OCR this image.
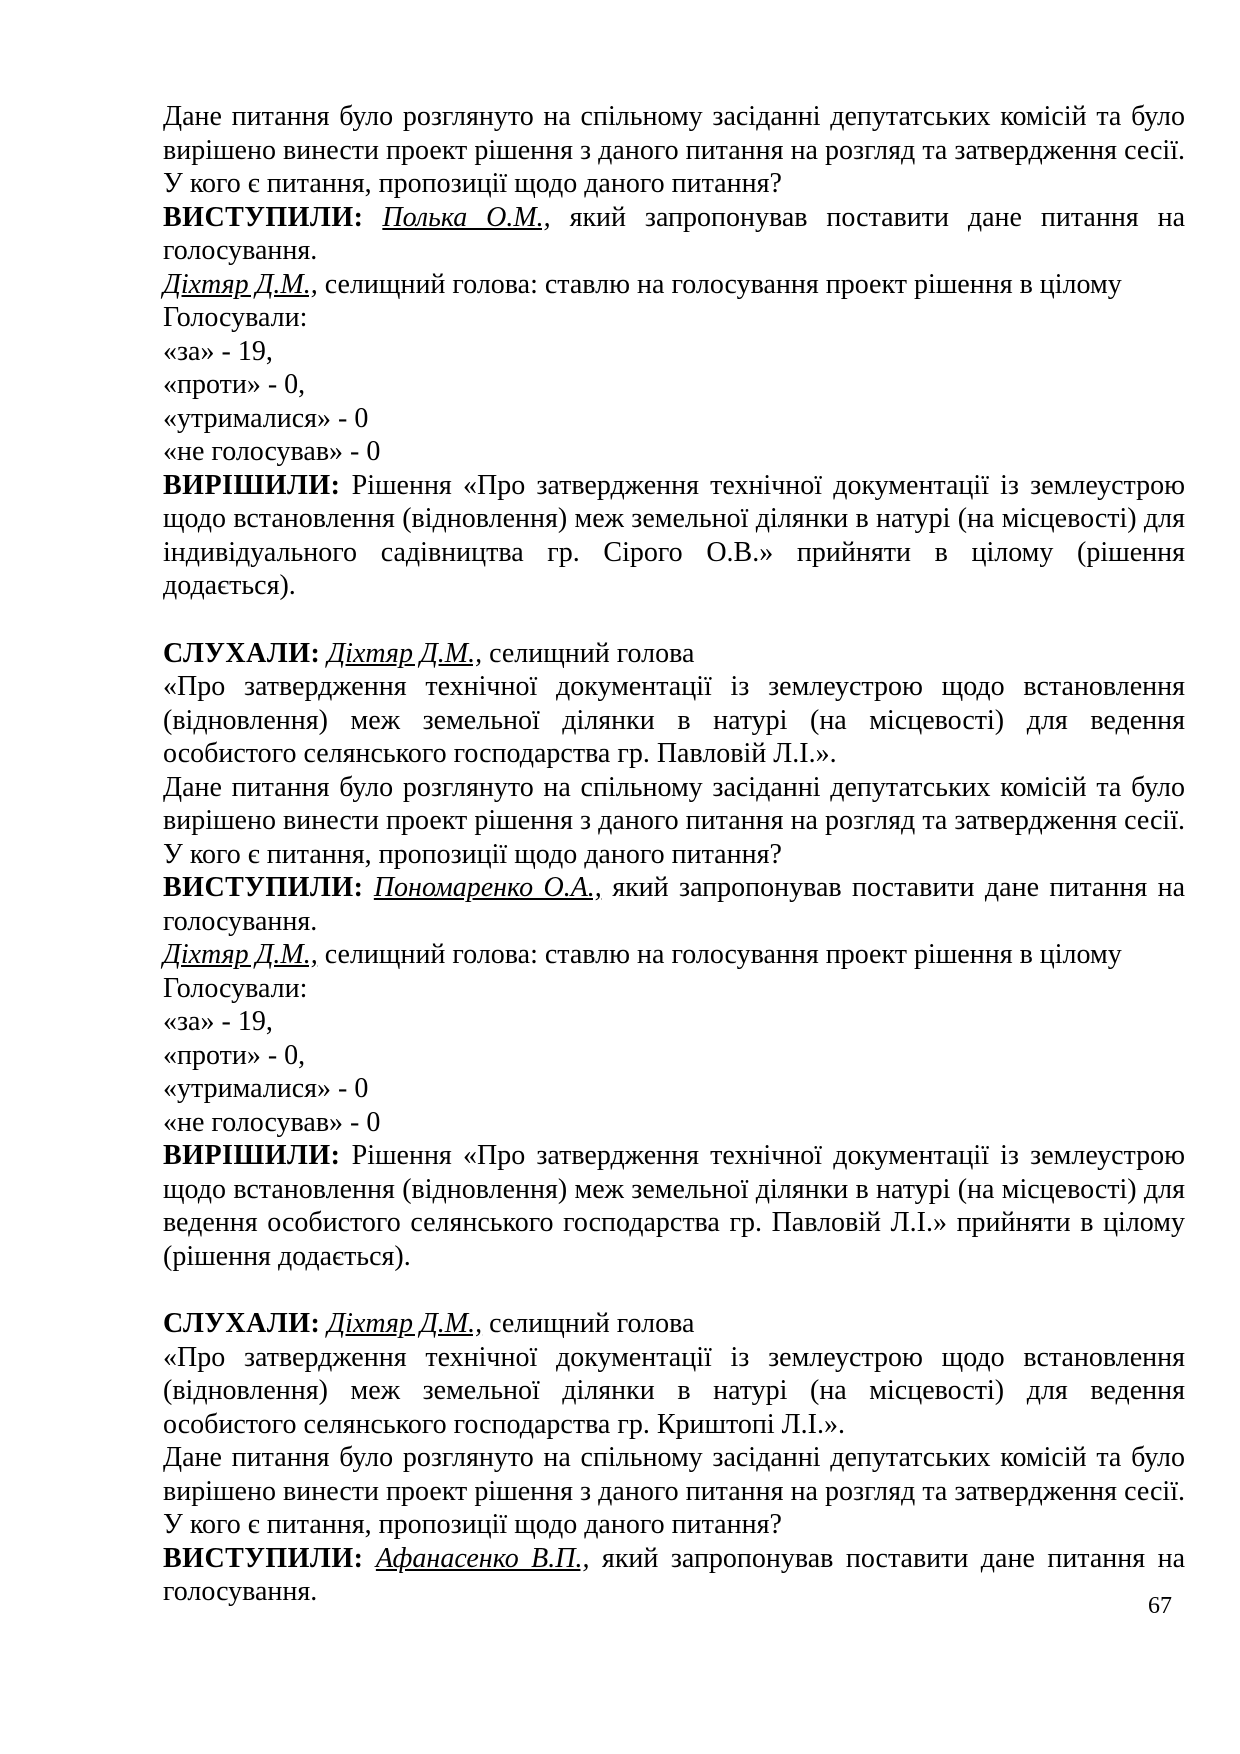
Дане питання було розглянуто на спільному засіданні депутатських комісій та було вирішено винести проект рішення з даного питання на розгляд та затвердження сесії. У кого є питання, пропозиції щодо даного питання?

ВИСТУПИЛИ: Полька О.М., який запропонував поставити дане питання на голосування.

Діхтяр Д.М., селищний голова: ставлю на голосування проект рішення в цілому

Голосували:

«за» - 19,

«проти» - 0,

«утрималися» - 0

«не голосував» - 0

ВИРІШИЛИ: Рішення «Про затвердження технічної документації із землеустрою щодо встановлення (відновлення) меж земельної ділянки в натурі (на місцевості) для індивідуального садівництва гр. Сірого О.В.» прийняти в цілому (рішення додається).

СЛУХАЛИ: Діхтяр Д.М., селищний голова

«Про затвердження технічної документації із землеустрою щодо встановлення (відновлення) меж земельної ділянки в натурі (на місцевості) для ведення особистого селянського господарства гр. Павловій Л.І.».

Дане питання було розглянуто на спільному засіданні депутатських комісій та було вирішено винести проект рішення з даного питання на розгляд та затвердження сесії. У кого є питання, пропозиції щодо даного питання?

ВИСТУПИЛИ: Пономаренко О.А., який запропонував поставити дане питання на голосування.

Діхтяр Д.М., селищний голова: ставлю на голосування проект рішення в цілому

Голосували:

«за» - 19,

«проти» - 0,

«утрималися» - 0

«не голосував» - 0

ВИРІШИЛИ: Рішення «Про затвердження технічної документації із землеустрою щодо встановлення (відновлення) меж земельної ділянки в натурі (на місцевості) для ведення особистого селянського господарства гр. Павловій Л.І.» прийняти в цілому (рішення додається).

СЛУХАЛИ: Діхтяр Д.М., селищний голова

«Про затвердження технічної документації із землеустрою щодо встановлення (відновлення) меж земельної ділянки в натурі (на місцевості) для ведення особистого селянського господарства гр. Криштопі Л.І.».

Дане питання було розглянуто на спільному засіданні депутатських комісій та було вирішено винести проект рішення з даного питання на розгляд та затвердження сесії. У кого є питання, пропозиції щодо даного питання?

ВИСТУПИЛИ: Афанасенко В.П., який запропонував поставити дане питання на голосування.	67
